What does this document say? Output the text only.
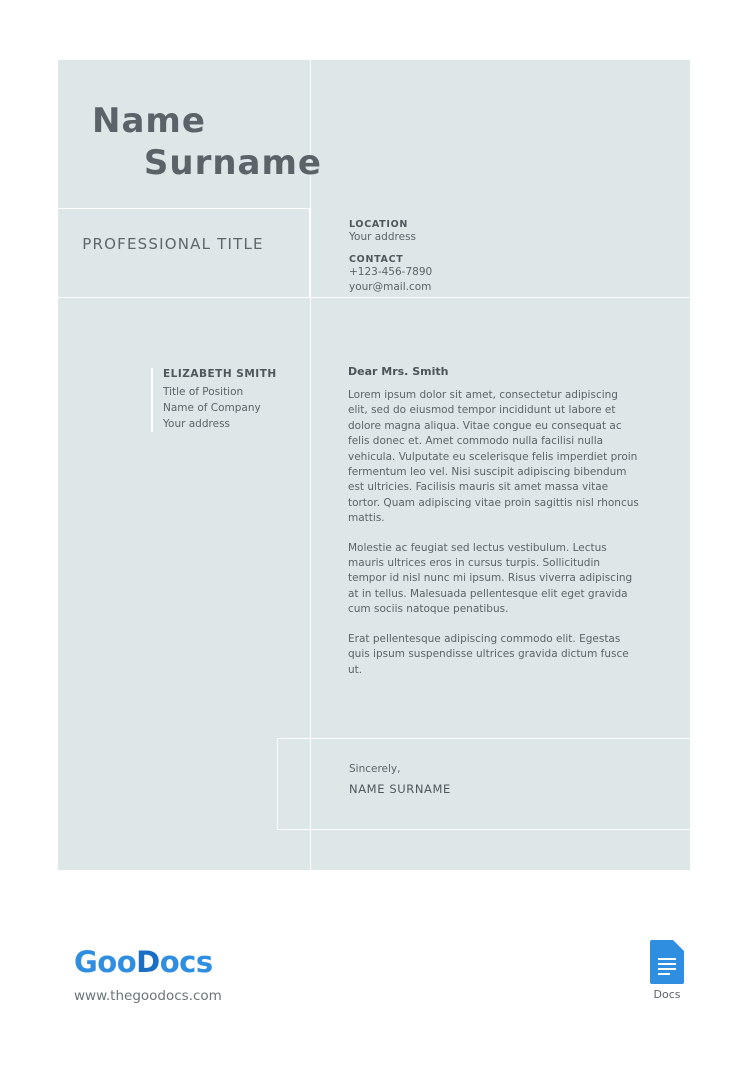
Name
Surname
PROFESSIONAL TITLE
LOCATION
Your address
CONTACT
+123-456-7890
your@mail.com
ELIZABETH SMITH
Title of Position
Name of Company
Your address
Dear Mrs. Smith
Lorem ipsum dolor sit amet, consectetur adipiscing elit, sed do eiusmod tempor incididunt ut labore et dolore magna aliqua. Vitae congue eu consequat ac felis donec et. Amet commodo nulla facilisi nulla vehicula. Vulputate eu scelerisque felis imperdiet proin fermentum leo vel. Nisi suscipit adipiscing bibendum est ultricies. Facilisis mauris sit amet massa vitae tortor. Quam adipiscing vitae proin sagittis nisl rhoncus mattis.
Molestie ac feugiat sed lectus vestibulum. Lectus mauris ultrices eros in cursus turpis. Sollicitudin tempor id nisl nunc mi ipsum. Risus viverra adipiscing at in tellus. Malesuada pellentesque elit eget gravida cum sociis natoque penatibus.
Erat pellentesque adipiscing commodo elit. Egestas quis ipsum suspendisse ultrices gravida dictum fusce ut.
Sincerely,
NAME SURNAME
GooDocs
www.thegoodocs.com	Docs
